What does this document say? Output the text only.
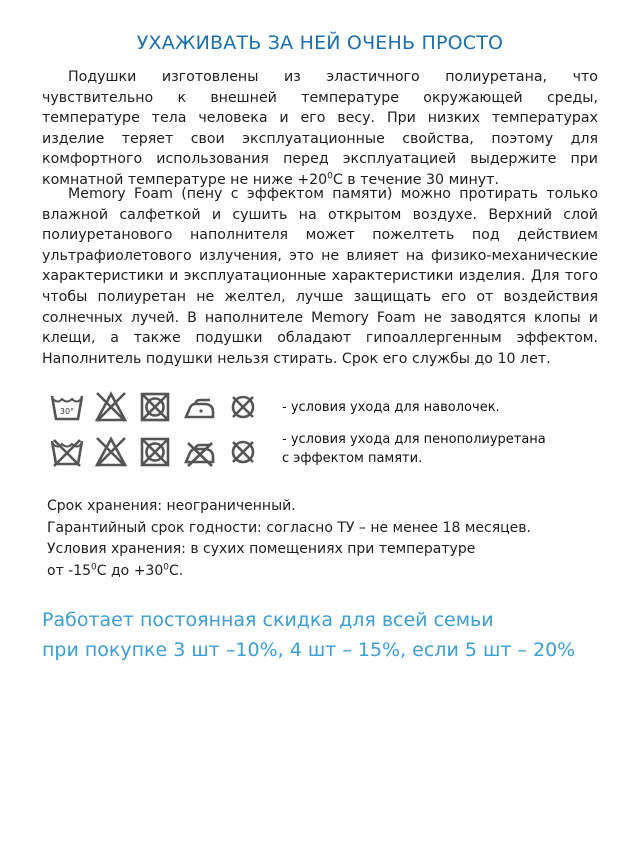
УХАЖИВАТЬ ЗА НЕЙ ОЧЕНЬ ПРОСТО

Подушки изготовлены из эластичного полиуретана, что чувствительно к внешней температуре окружающей среды, температуре тела человека и его весу. При низких температурах изделие теряет свои эксплуатационные свойства, поэтому для комфортного использования перед эксплуатацией выдержите при комнатной температуре не ниже $+20^0С$ в течение 30 минут.

Memory Foam (пену с эффектом памяти) можно протирать только влажной салфеткой и сушить на открытом воздухе. Верхний слой полиуретанового наполнителя может пожелтеть под действием ультрафиолетового излучения, это не влияет на физико-механические характеристики и эксплуатационные характеристики изделия. Для того чтобы полиуретан не желтел, лучше защищать его от воздействия солнечных лучей. В наполнителе Memory Foam не заводятся клопы и клещи, а также подушки обладают гипоаллергенным эффектом. Наполнитель подушки нельзя стирать. Срок его службы до 10 лет.

30°	- условия ухода для наволочек.
- условия ухода для пенополиуретана
с эффектом памяти.
Срок хранения: неограниченный.
Гарантийный срок годности: согласно ТУ – не менее 18 месяцев.
Условия хранения: в сухих помещениях при температуре
от $-15^0С$ до $+30^0С$.
Работает постоянная скидка для всей семьи
при покупке 3 шт –10%, 4 шт – 15%, если 5 шт – 20%
